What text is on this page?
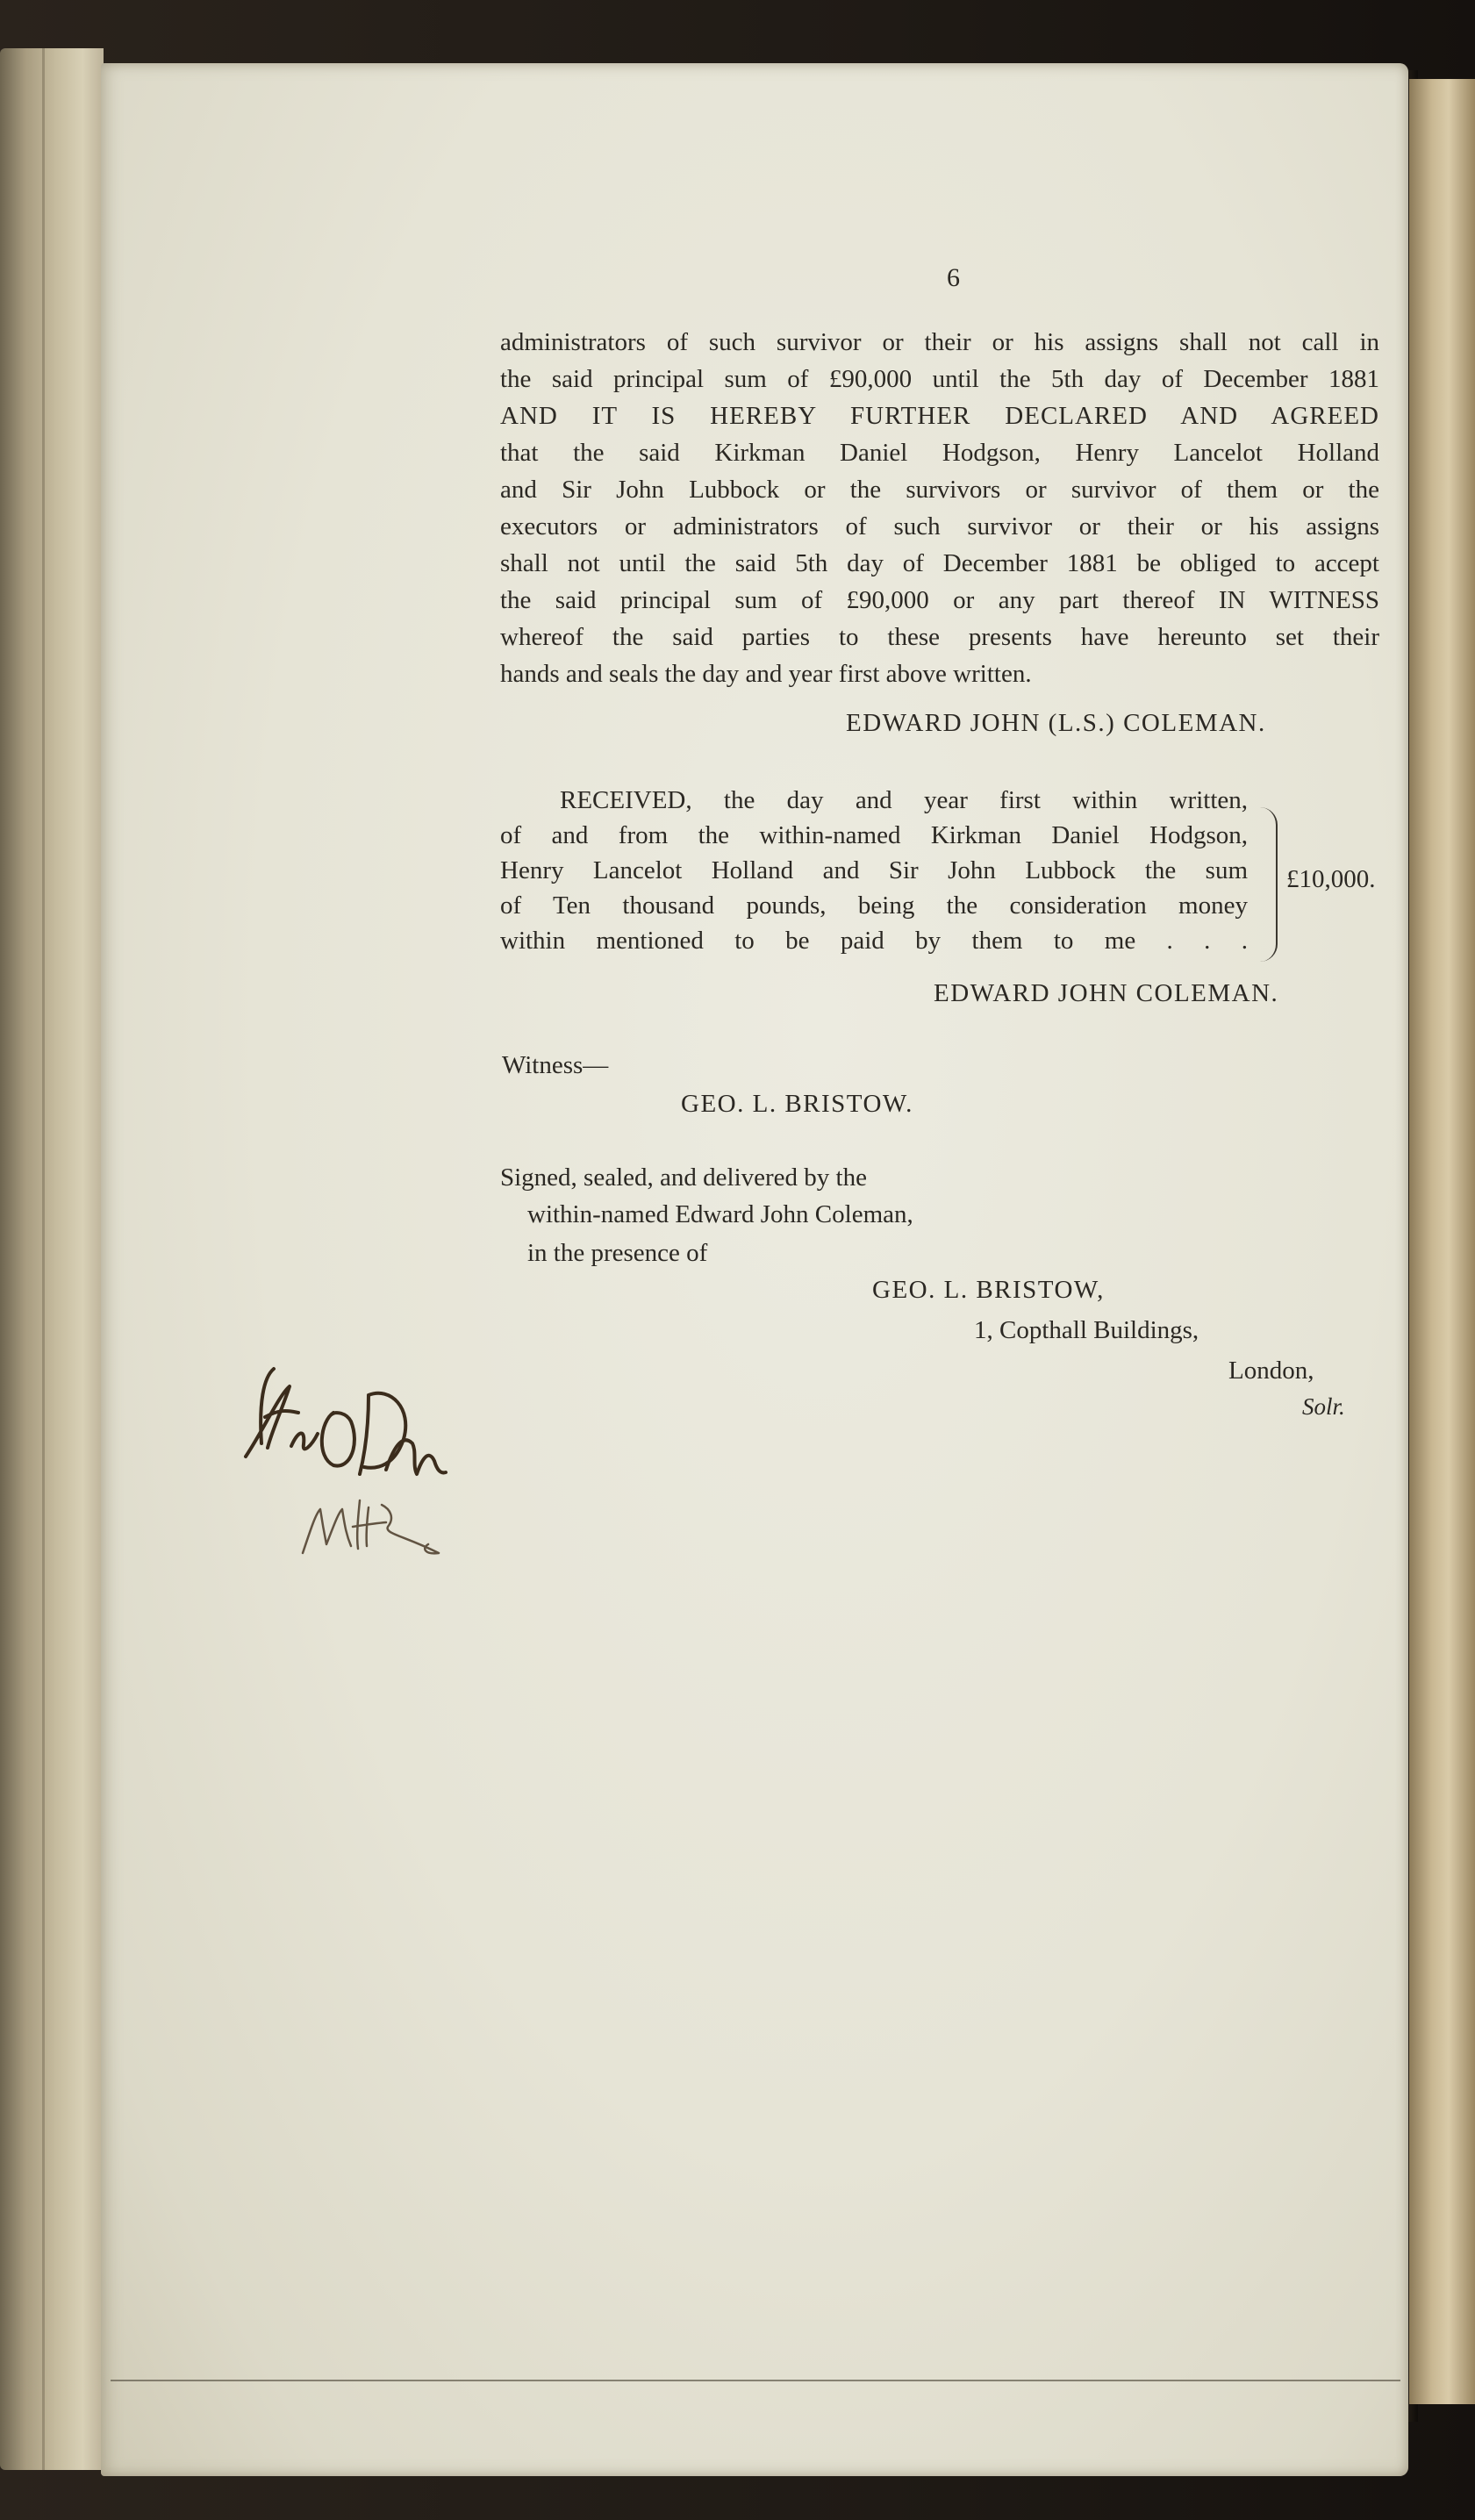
6
administrators of such survivor or their or his assigns shall not call in
the said principal sum of £90,000 until the 5th day of December 1881
AND IT IS HEREBY FURTHER DECLARED AND AGREED
that the said Kirkman Daniel Hodgson, Henry Lancelot Holland
and Sir John Lubbock or the survivors or survivor of them or the
executors or administrators of such survivor or their or his assigns
shall not until the said 5th day of December 1881 be obliged to accept
the said principal sum of £90,000 or any part thereof IN WITNESS
whereof the said parties to these presents have hereunto set their
hands and seals the day and year first above written.
EDWARD JOHN (L.S.) COLEMAN.
RECEIVED, the day and year first within written,
of and from the within-named Kirkman Daniel Hodgson,
Henry Lancelot Holland and Sir John Lubbock the sum
of Ten thousand pounds, being the consideration money
within mentioned to be paid by them to me . . .
£10,000.
EDWARD JOHN COLEMAN.
Witness—
GEO. L. BRISTOW.
Signed, sealed, and delivered by the
within-named Edward John Coleman,
in the presence of
GEO. L. BRISTOW,
1, Copthall Buildings,
London,
Solr.
